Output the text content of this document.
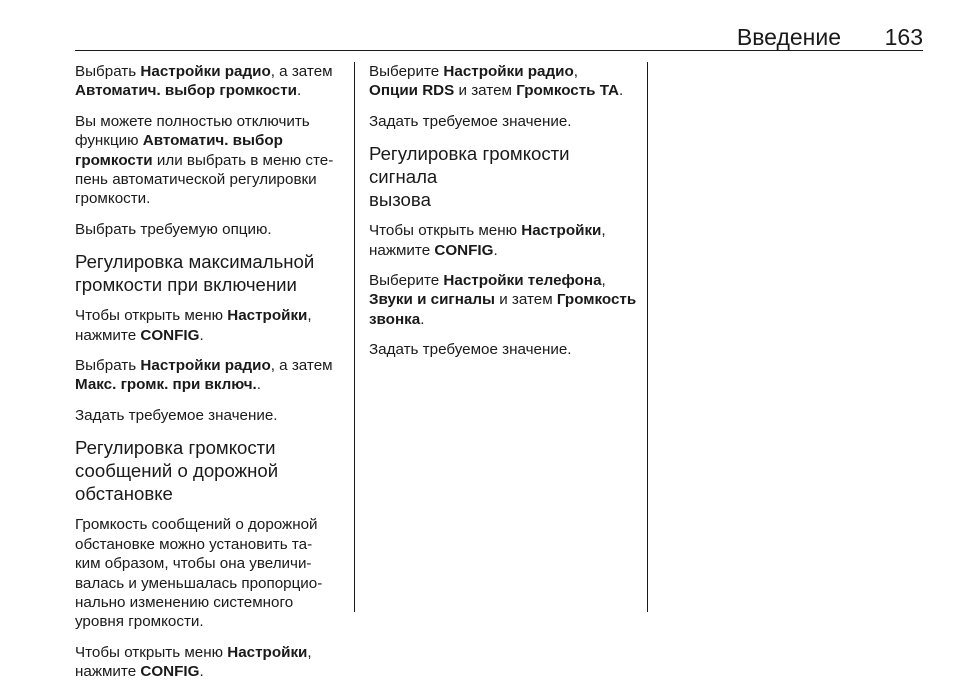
Введение 163

Выбрать Настройки радио, а затем
Автоматич. выбор громкости.

Вы можете полностью отключить
функцию Автоматич. выбор
громкости или выбрать в меню сте-
пень автоматической регулировки
громкости.

Выбрать требуемую опцию.

Регулировка максимальной
громкости при включении

Чтобы открыть меню Настройки,
нажмите CONFIG.

Выбрать Настройки радио, а затем
Макс. громк. при включ..

Задать требуемое значение.

Регулировка громкости
сообщений о дорожной
обстановке

Громкость сообщений о дорожной
обстановке можно установить та-
ким образом, чтобы она увеличи-
валась и уменьшалась пропорцио-
нально изменению системного
уровня громкости.

Чтобы открыть меню Настройки,
нажмите CONFIG.

Выберите Настройки радио,
Опции RDS и затем Громкость ТА.

Задать требуемое значение.

Регулировка громкости сигнала
вызова

Чтобы открыть меню Настройки,
нажмите CONFIG.

Выберите Настройки телефона,
Звуки и сигналы и затем Громкость
звонка.

Задать требуемое значение.
